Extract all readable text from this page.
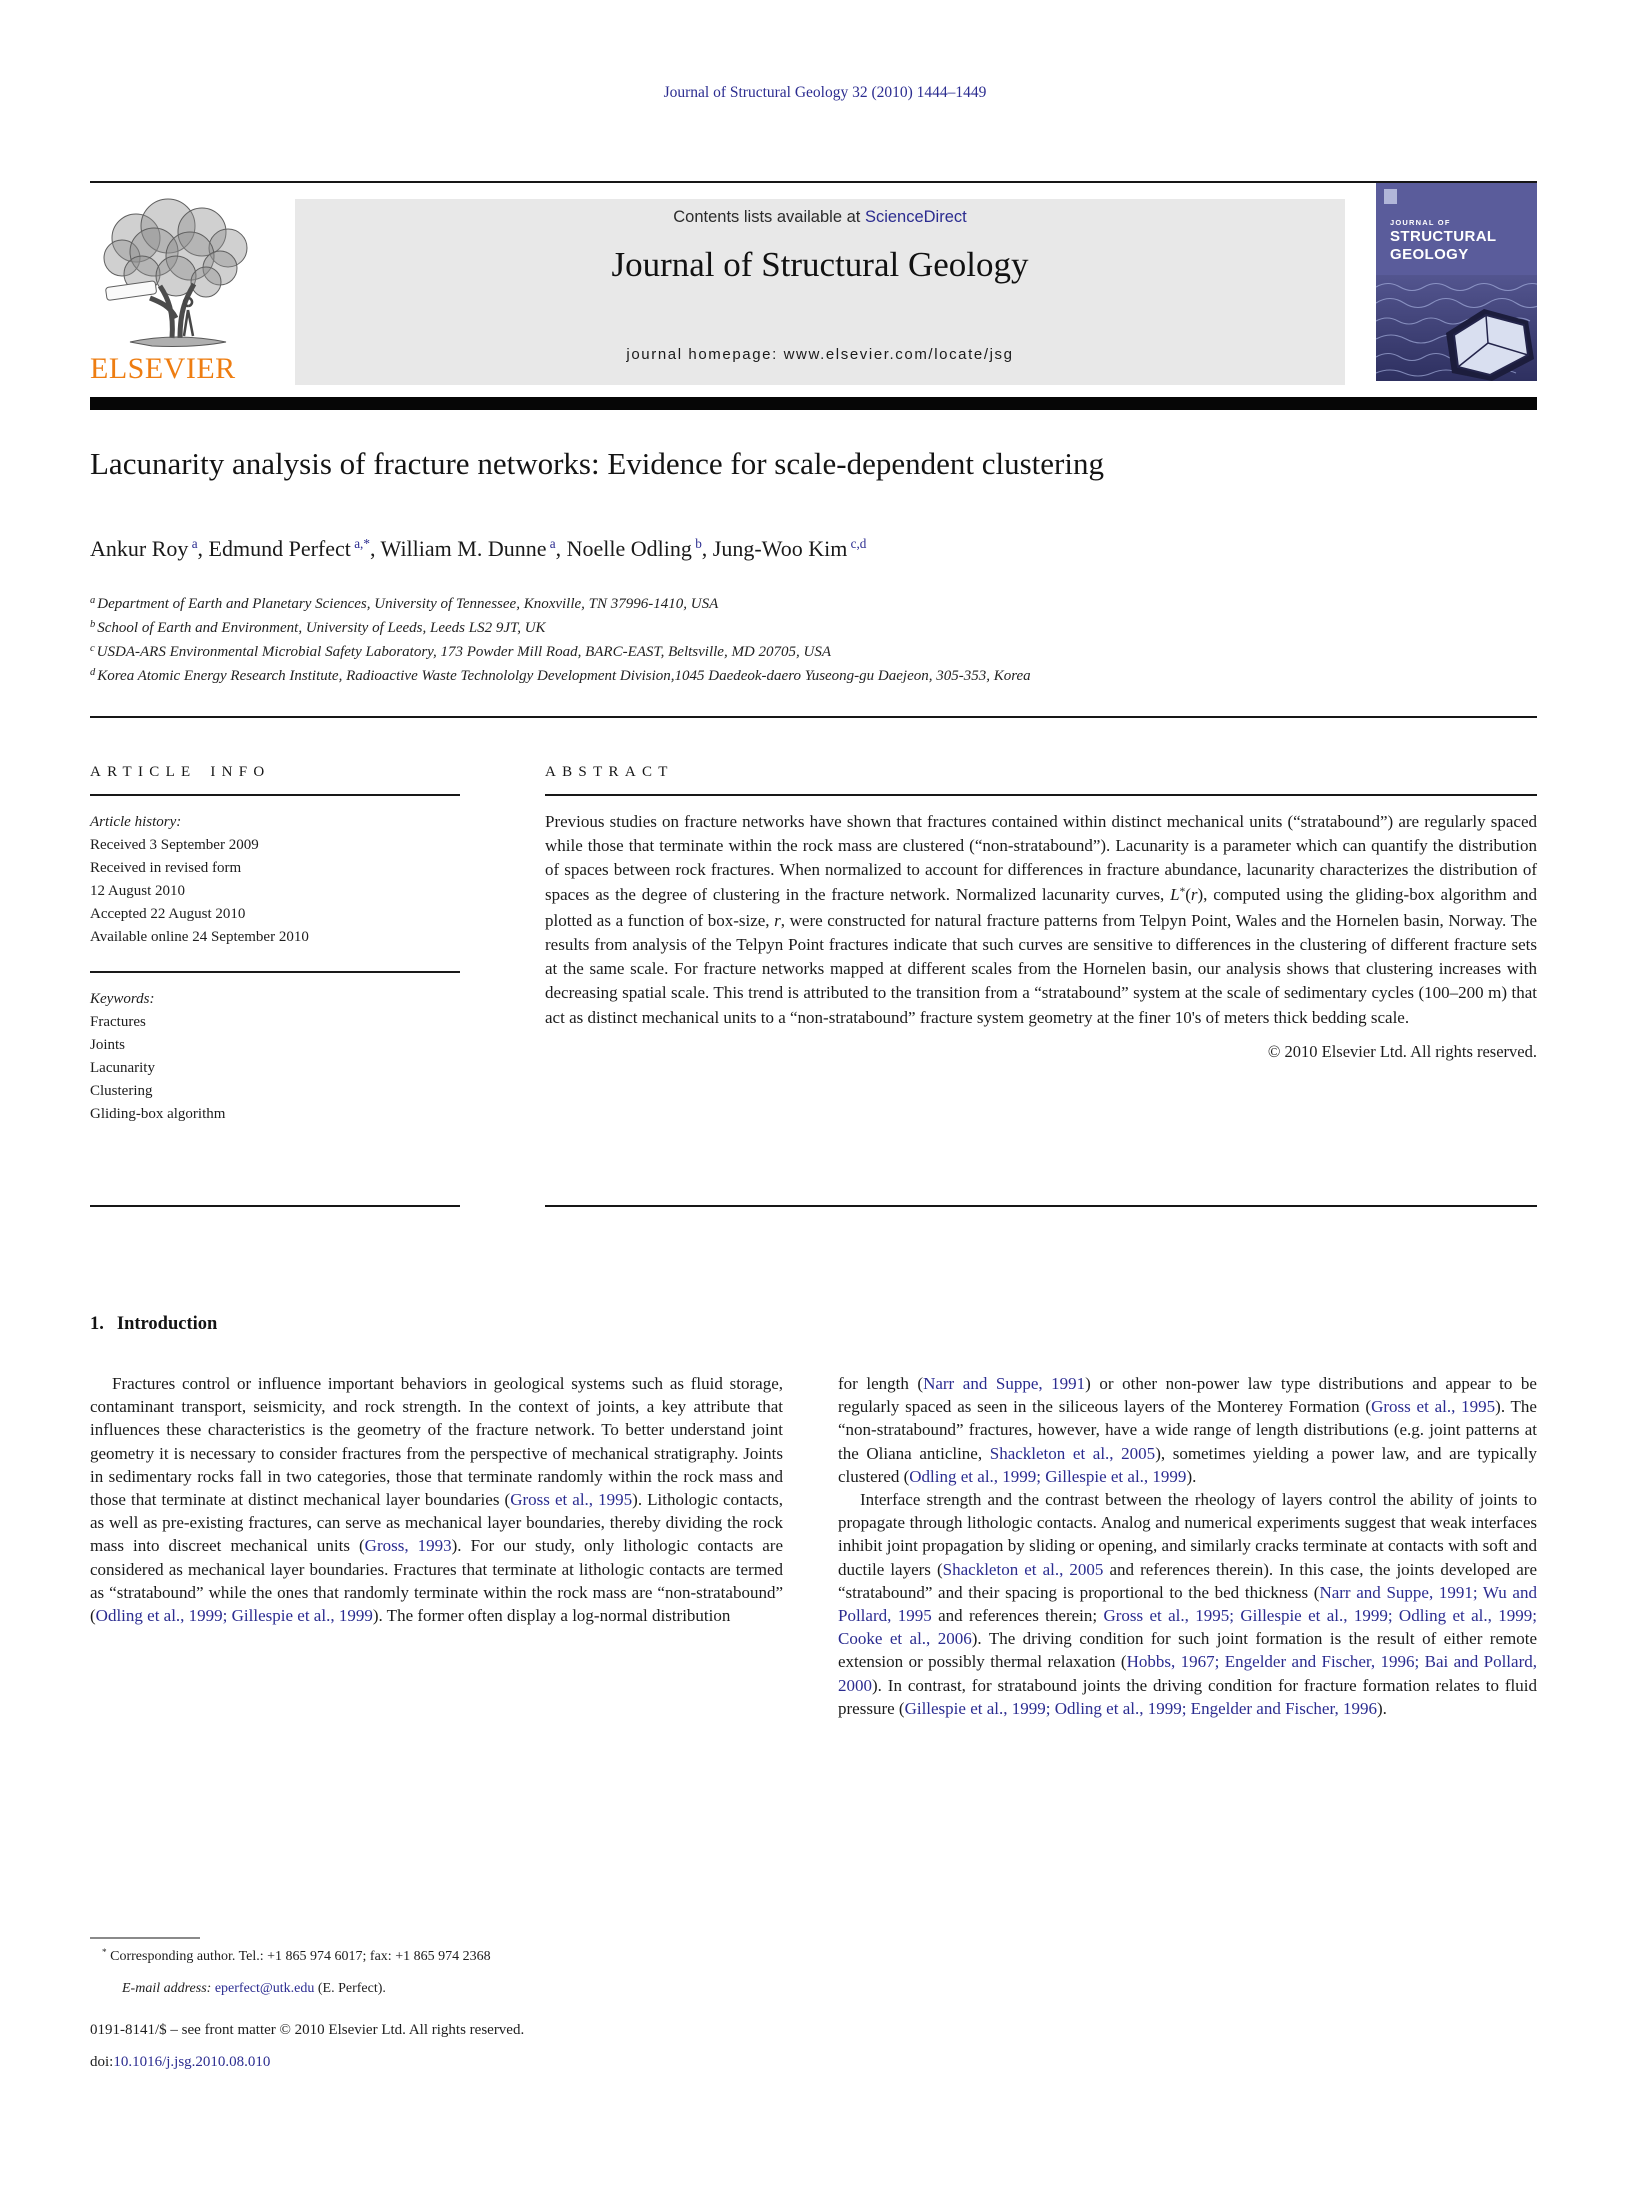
Journal of Structural Geology 32 (2010) 1444–1449
ELSEVIER
Contents lists available at ScienceDirect
Journal of Structural Geology
journal homepage: www.elsevier.com/locate/jsg
JOURNAL OF
STRUCTURAL
GEOLOGY
Lacunarity analysis of fracture networks: Evidence for scale-dependent clustering
Ankur Roy $^a$, Edmund Perfect $^{a,*}$, William M. Dunne $^a$, Noelle Odling $^b$, Jung-Woo Kim $^{c,d}$
$^a$ Department of Earth and Planetary Sciences, University of Tennessee, Knoxville, TN 37996-1410, USA
$^b$ School of Earth and Environment, University of Leeds, Leeds LS2 9JT, UK
$^c$ USDA-ARS Environmental Microbial Safety Laboratory, 173 Powder Mill Road, BARC-EAST, Beltsville, MD 20705, USA
$^d$ Korea Atomic Energy Research Institute, Radioactive Waste Technololgy Development Division,1045 Daedeok-daero Yuseong-gu Daejeon, 305-353, Korea
ARTICLE INFO
Article history:
Received 3 September 2009
Received in revised form
12 August 2010
Accepted 22 August 2010
Available online 24 September 2010
Keywords:
Fractures
Joints
Lacunarity
Clustering
Gliding-box algorithm
ABSTRACT
Previous studies on fracture networks have shown that fractures contained within distinct mechanical units (“stratabound”) are regularly spaced while those that terminate within the rock mass are clustered (“non-stratabound”). Lacunarity is a parameter which can quantify the distribution of spaces between rock fractures. When normalized to account for differences in fracture abundance, lacunarity characterizes the distribution of spaces as the degree of clustering in the fracture network. Normalized lacunarity curves, L*(r), computed using the gliding-box algorithm and plotted as a function of box-size, r, were constructed for natural fracture patterns from Telpyn Point, Wales and the Hornelen basin, Norway. The results from analysis of the Telpyn Point fractures indicate that such curves are sensitive to differences in the clustering of different fracture sets at the same scale. For fracture networks mapped at different scales from the Hornelen basin, our analysis shows that clustering increases with decreasing spatial scale. This trend is attributed to the transition from a “stratabound” system at the scale of sedimentary cycles (100–200 m) that act as distinct mechanical units to a “non-stratabound” fracture system geometry at the finer 10's of meters thick bedding scale.
© 2010 Elsevier Ltd. All rights reserved.
1. Introduction

Fractures control or influence important behaviors in geological systems such as fluid storage, contaminant transport, seismicity, and rock strength. In the context of joints, a key attribute that influences these characteristics is the geometry of the fracture network. To better understand joint geometry it is necessary to consider fractures from the perspective of mechanical stratigraphy. Joints in sedimentary rocks fall in two categories, those that terminate randomly within the rock mass and those that terminate at distinct mechanical layer boundaries (Gross et al., 1995). Lithologic contacts, as well as pre-existing fractures, can serve as mechanical layer boundaries, thereby dividing the rock mass into discreet mechanical units (Gross, 1993). For our study, only lithologic contacts are considered as mechanical layer boundaries. Fractures that terminate at lithologic contacts are termed as “stratabound” while the ones that randomly terminate within the rock mass are “non-stratabound” (Odling et al., 1999; Gillespie et al., 1999). The former often display a log-normal distribution

for length (Narr and Suppe, 1991) or other non-power law type distributions and appear to be regularly spaced as seen in the siliceous layers of the Monterey Formation (Gross et al., 1995). The “non-stratabound” fractures, however, have a wide range of length distributions (e.g. joint patterns at the Oliana anticline, Shackleton et al., 2005), sometimes yielding a power law, and are typically clustered (Odling et al., 1999; Gillespie et al., 1999).

Interface strength and the contrast between the rheology of layers control the ability of joints to propagate through lithologic contacts. Analog and numerical experiments suggest that weak interfaces inhibit joint propagation by sliding or opening, and similarly cracks terminate at contacts with soft and ductile layers (Shackleton et al., 2005 and references therein). In this case, the joints developed are “stratabound” and their spacing is proportional to the bed thickness (Narr and Suppe, 1991; Wu and Pollard, 1995 and references therein; Gross et al., 1995; Gillespie et al., 1999; Odling et al., 1999; Cooke et al., 2006). The driving condition for such joint formation is the result of either remote extension or possibly thermal relaxation (Hobbs, 1967; Engelder and Fischer, 1996; Bai and Pollard, 2000). In contrast, for stratabound joints the driving condition for fracture formation relates to fluid pressure (Gillespie et al., 1999; Odling et al., 1999; Engelder and Fischer, 1996).

* Corresponding author. Tel.: +1 865 974 6017; fax: +1 865 974 2368
E-mail address: eperfect@utk.edu (E. Perfect).
0191-8141/$ – see front matter © 2010 Elsevier Ltd. All rights reserved.
doi:10.1016/j.jsg.2010.08.010
